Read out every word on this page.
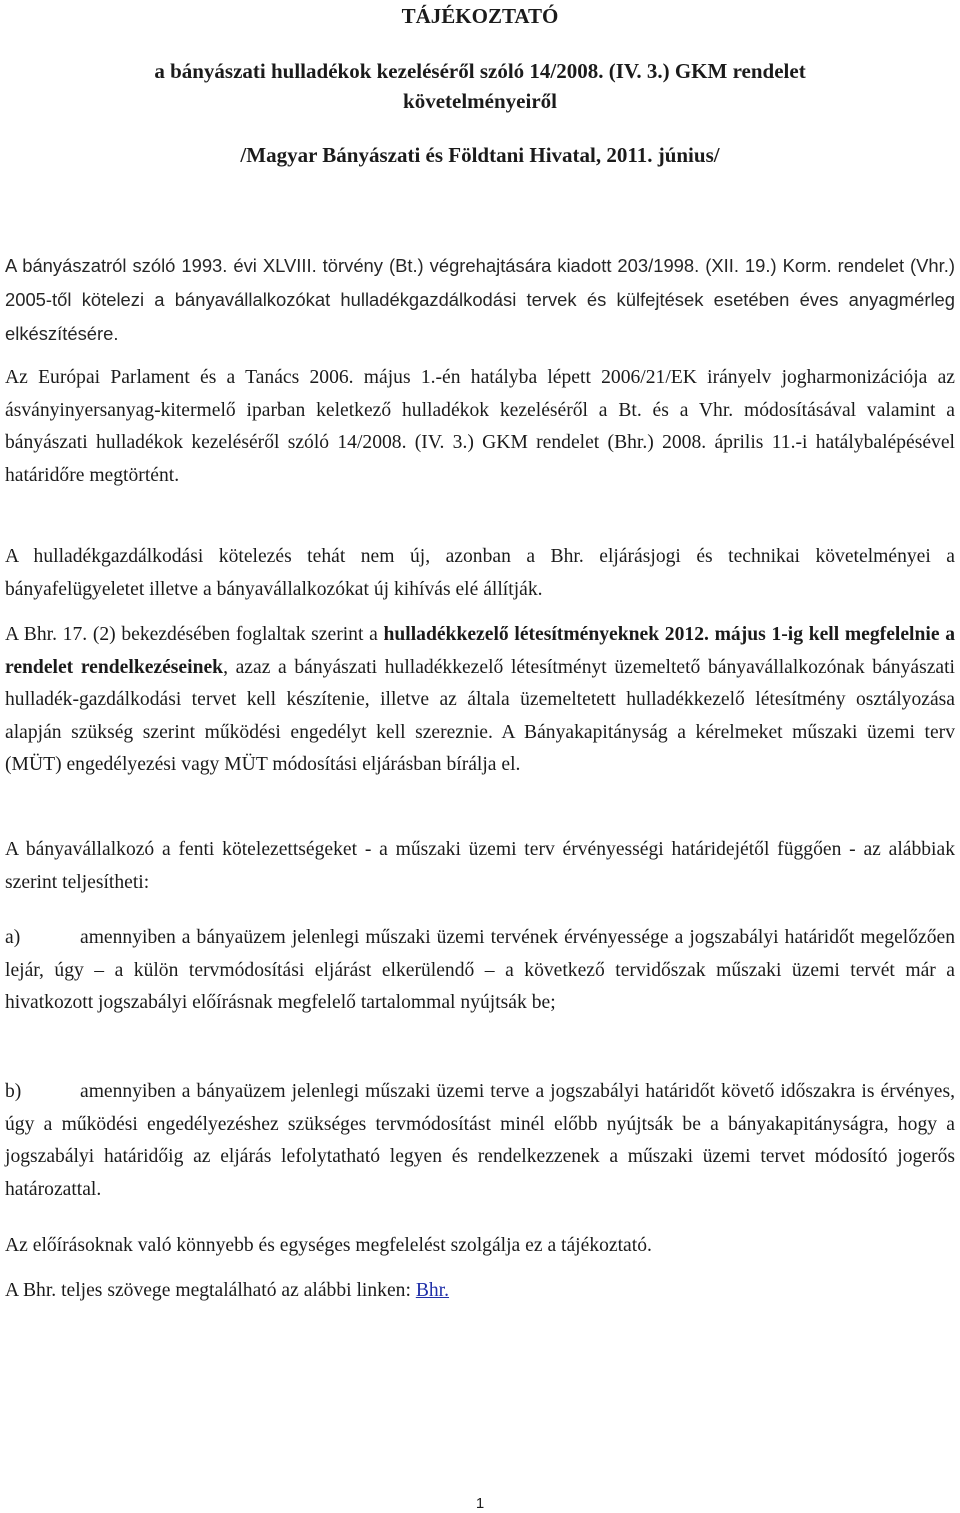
TÁJÉKOZTATÓ
a bányászati hulladékok kezeléséről szóló 14/2008. (IV. 3.) GKM rendelet
követelményeiről
/Magyar Bányászati és Földtani Hivatal, 2011. június/

A bányászatról szóló 1993. évi XLVIII. törvény (Bt.) végrehajtására kiadott 203/1998. (XII. 19.) Korm. rendelet (Vhr.) 2005-től kötelezi a bányavállalkozókat hulladékgazdálkodási tervek és külfejtések esetében éves anyagmérleg elkészítésére.

Az Európai Parlament és a Tanács 2006. május 1.-én hatályba lépett 2006/21/EK irányelv jogharmonizációja az ásványinyersanyag-kitermelő iparban keletkező hulladékok kezeléséről a Bt. és a Vhr. módosításával valamint a bányászati hulladékok kezeléséről szóló 14/2008. (IV. 3.) GKM rendelet (Bhr.) 2008. április 11.-i hatálybalépésével határidőre megtörtént.

A hulladékgazdálkodási kötelezés tehát nem új, azonban a Bhr. eljárásjogi és technikai követelményei a bányafelügyeletet illetve a bányavállalkozókat új kihívás elé állítják.

A Bhr. 17. (2) bekezdésében foglaltak szerint a hulladékkezelő létesítményeknek 2012. május 1-ig kell megfelelnie a rendelet rendelkezéseinek, azaz a bányászati hulladékkezelő létesítményt üzemeltető bányavállalkozónak bányászati hulladék-gazdálkodási tervet kell készítenie, illetve az általa üzemeltetett hulladékkezelő létesítmény osztályozása alapján szükség szerint működési engedélyt kell szereznie. A Bányakapitányság a kérelmeket műszaki üzemi terv (MÜT) engedélyezési vagy MÜT módosítási eljárásban bírálja el.

A bányavállalkozó a fenti kötelezettségeket - a műszaki üzemi terv érvényességi határidejétől függően - az alábbiak szerint teljesítheti:

a)	amennyiben a bányaüzem jelenlegi műszaki üzemi tervének érvényessége a jogszabályi határidőt megelőzően lejár, úgy – a külön tervmódosítási eljárást elkerülendő – a következő tervidőszak műszaki üzemi tervét már a hivatkozott jogszabályi előírásnak megfelelő tartalommal nyújtsák be;

b)	amennyiben a bányaüzem jelenlegi műszaki üzemi terve a jogszabályi határidőt követő időszakra is érvényes, úgy a működési engedélyezéshez szükséges tervmódosítást minél előbb nyújtsák be a bányakapitányságra, hogy a jogszabályi határidőig az eljárás lefolytatható legyen és rendelkezzenek a műszaki üzemi tervet módosító jogerős határozattal.

Az előírásoknak való könnyebb és egységes megfelelést szolgálja ez a tájékoztató.

A Bhr. teljes szövege megtalálható az alábbi linken: Bhr.

1
